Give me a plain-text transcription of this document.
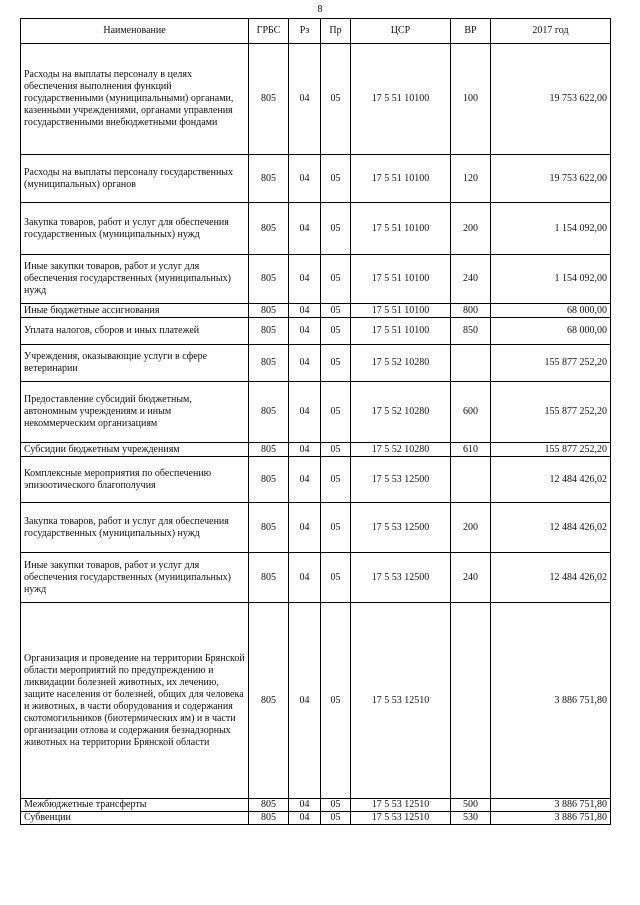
8
Наименование	ГРБС	Рз	Пр	ЦСР	ВР	2017 год
Расходы на выплаты персоналу в целях обеспечения выполнения функций государственными (муниципальными) органами, казенными учреждениями, органами управления государственными внебюджетными фондами	805	04	05	17 5 51 10100	100	19 753 622,00
Расходы на выплаты персоналу государственных (муниципальных) органов	805	04	05	17 5 51 10100	120	19 753 622,00
Закупка товаров, работ и услуг для обеспечения государственных (муниципальных) нужд	805	04	05	17 5 51 10100	200	1 154 092,00
Иные закупки товаров, работ и услуг для обеспечения государственных (муниципальных) нужд	805	04	05	17 5 51 10100	240	1 154 092,00
Иные бюджетные ассигнования	805	04	05	17 5 51 10100	800	68 000,00
Уплата налогов, сборов и иных платежей	805	04	05	17 5 51 10100	850	68 000,00
Учреждения, оказывающие услуги в сфере ветеринарии	805	04	05	17 5 52 10280		155 877 252,20
Предоставление субсидий бюджетным, автономным учреждениям и иным некоммерческим организациям	805	04	05	17 5 52 10280	600	155 877 252,20
Субсидии бюджетным учреждениям	805	04	05	17 5 52 10280	610	155 877 252,20
Комплексные мероприятия по обеспечению эпизоотического благополучия	805	04	05	17 5 53 12500		12 484 426,02
Закупка товаров, работ и услуг для обеспечения государственных (муниципальных) нужд	805	04	05	17 5 53 12500	200	12 484 426,02
Иные закупки товаров, работ и услуг для обеспечения государственных (муниципальных) нужд	805	04	05	17 5 53 12500	240	12 484 426,02
Организация и проведение на территории Брянской области мероприятий по предупреждению и ликвидации болезней животных, их лечению, защите населения от болезней, общих для человека и животных, в части оборудования и содержания скотомогильников (биотермических ям) и в части организации отлова и содержания безнадзорных животных на территории Брянской области	805	04	05	17 5 53 12510		3 886 751,80
Межбюджетные трансферты	805	04	05	17 5 53 12510	500	3 886 751,80
Субвенции	805	04	05	17 5 53 12510	530	3 886 751,80
